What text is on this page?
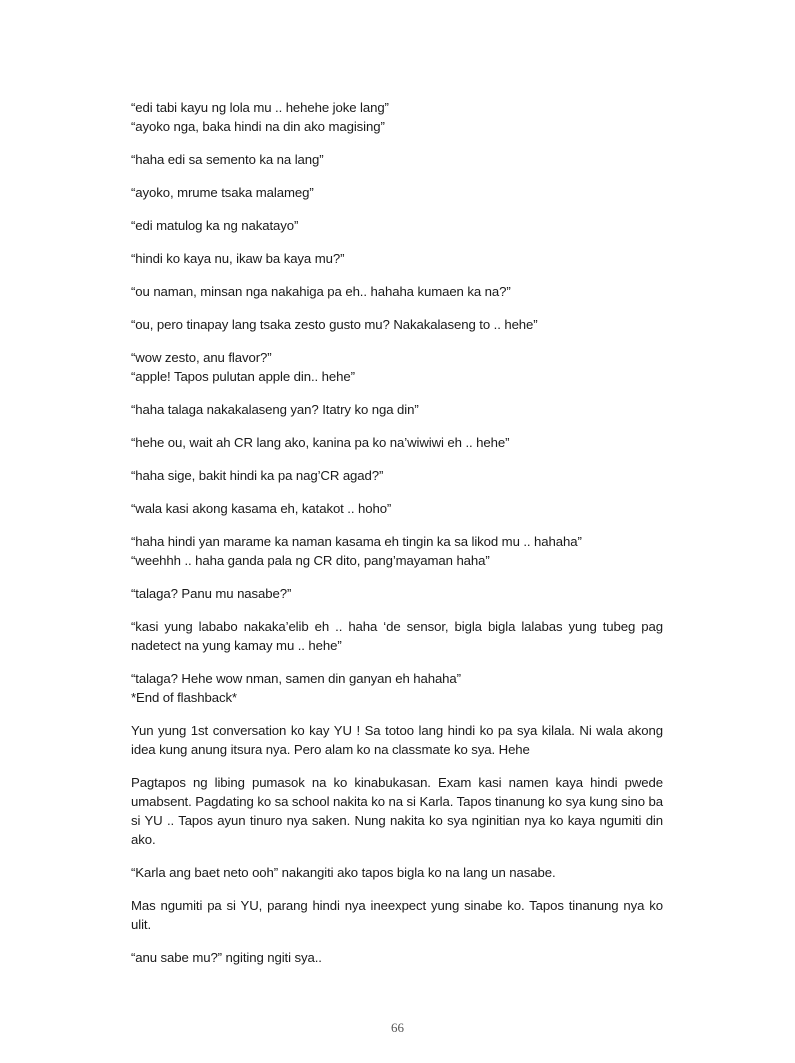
“edi tabi kayu ng lola mu .. hehehe joke lang”
“ayoko nga, baka hindi na din ako magising”

“haha edi sa semento ka na lang”

“ayoko, mrume tsaka malameg”

“edi matulog ka ng nakatayo”

“hindi ko kaya nu, ikaw ba kaya mu?”

“ou naman, minsan nga nakahiga pa eh.. hahaha kumaen ka na?”

“ou, pero tinapay lang tsaka zesto gusto mu? Nakakalaseng to .. hehe”

“wow zesto, anu flavor?”
“apple! Tapos pulutan apple din.. hehe”

“haha talaga nakakalaseng yan? Itatry ko nga din”

“hehe ou, wait ah CR lang ako, kanina pa ko na’wiwiwi eh .. hehe”

“haha sige, bakit hindi ka pa nag’CR agad?”

“wala kasi akong kasama eh, katakot .. hoho”

“haha hindi yan marame ka naman kasama eh tingin ka sa likod mu .. hahaha”
“weehhh .. haha ganda pala ng CR dito, pang’mayaman haha”

“talaga? Panu mu nasabe?”

“kasi yung lababo nakaka’elib eh .. haha ‘de sensor, bigla bigla lalabas yung tubeg pag nadetect na yung kamay mu .. hehe”

“talaga? Hehe wow nman, samen din ganyan eh hahaha”
*End of flashback*

Yun yung 1st conversation ko kay YU ! Sa totoo lang hindi ko pa sya kilala. Ni wala akong idea kung anung itsura nya. Pero alam ko na classmate ko sya. Hehe

Pagtapos ng libing pumasok na ko kinabukasan. Exam kasi namen kaya hindi pwede umabsent. Pagdating ko sa school nakita ko na si Karla. Tapos tinanung ko sya kung sino ba si YU .. Tapos ayun tinuro nya saken. Nung nakita ko sya nginitian nya ko kaya ngumiti din ako.

“Karla ang baet neto ooh” nakangiti ako tapos bigla ko na lang un nasabe.

Mas ngumiti pa si YU, parang hindi nya ineexpect yung sinabe ko. Tapos tinanung nya ko ulit.

“anu sabe mu?” ngiting ngiti sya..

66
